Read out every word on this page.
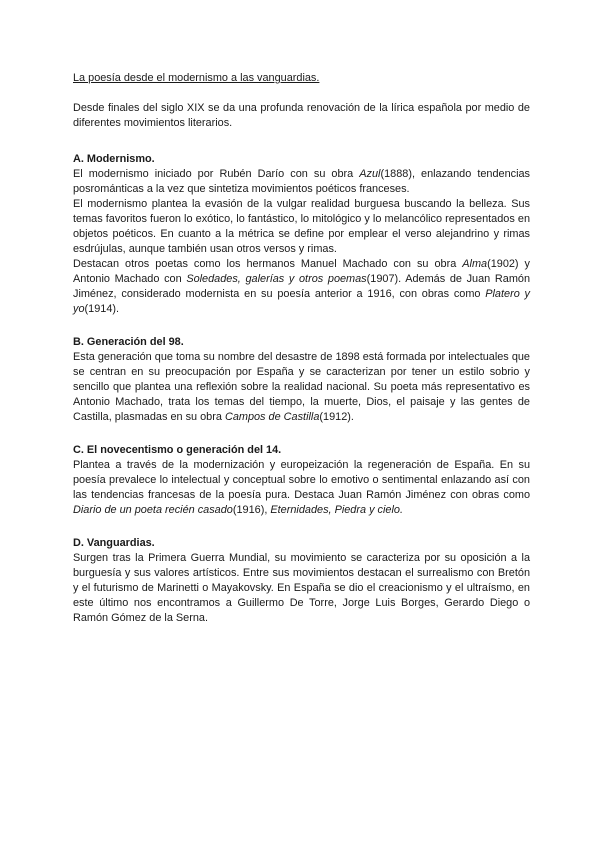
La poesía desde el modernismo a las vanguardias.

Desde finales del siglo XIX se da una profunda renovación de la lírica española por medio de diferentes movimientos literarios.

A. Modernismo.

El modernismo iniciado por Rubén Darío con su obra Azul(1888), enlazando tendencias posrománticas a la vez que sintetiza movimientos poéticos franceses.

El modernismo plantea la evasión de la vulgar realidad burguesa buscando la belleza. Sus temas favoritos fueron lo exótico, lo fantástico, lo mitológico y lo melancólico representados en objetos poéticos. En cuanto a la métrica se define por emplear el verso alejandrino y rimas esdrújulas, aunque también usan otros versos y rimas.

Destacan otros poetas como los hermanos Manuel Machado con su obra Alma(1902) y Antonio Machado con Soledades, galerías y otros poemas(1907). Además de Juan Ramón Jiménez, considerado modernista en su poesía anterior a 1916, con obras como Platero y yo(1914).

B. Generación del 98.

Esta generación que toma su nombre del desastre de 1898 está formada por intelectuales que se centran en su preocupación por España y se caracterizan por tener un estilo sobrio y sencillo que plantea una reflexión sobre la realidad nacional. Su poeta más representativo es Antonio Machado, trata los temas del tiempo, la muerte, Dios, el paisaje y las gentes de Castilla, plasmadas en su obra Campos de Castilla(1912).

C. El novecentismo o generación del 14.

Plantea a través de la modernización y europeización la regeneración de España. En su poesía prevalece lo intelectual y conceptual sobre lo emotivo o sentimental enlazando así con las tendencias francesas de la poesía pura. Destaca Juan Ramón Jiménez con obras como Diario de un poeta recién casado(1916), Eternidades, Piedra y cielo.

D. Vanguardias.

Surgen tras la Primera Guerra Mundial, su movimiento se caracteriza por su oposición a la burguesía y sus valores artísticos. Entre sus movimientos destacan el surrealismo con Bretón y el futurismo de Marinetti o Mayakovsky. En España se dio el creacionismo y el ultraísmo, en este último nos encontramos a Guillermo De Torre, Jorge Luis Borges, Gerardo Diego o Ramón Gómez de la Serna.
